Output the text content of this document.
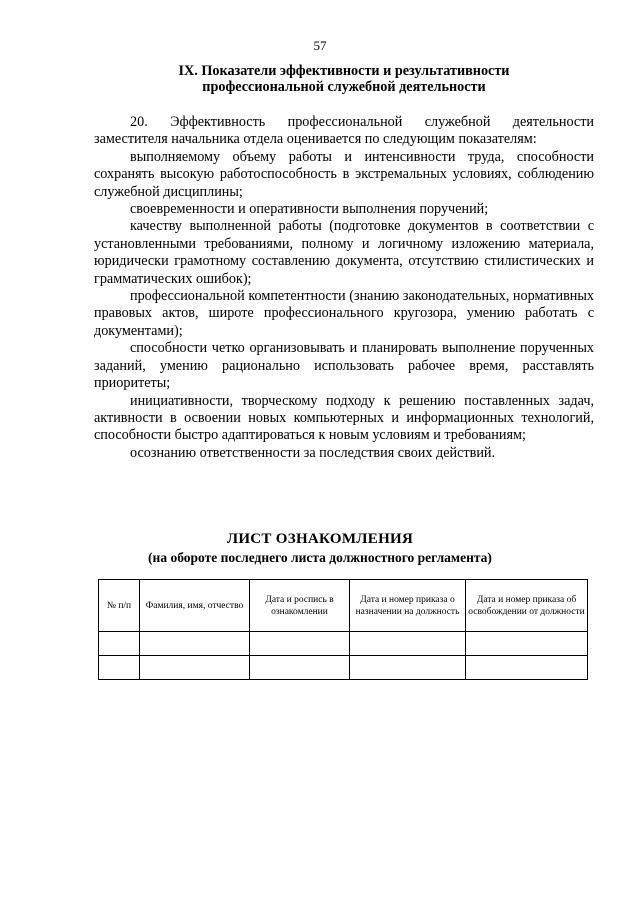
57
IX. Показатели эффективности и результативности
профессиональной служебной деятельности

20. Эффективность профессиональной служебной деятельности заместителя начальника отдела оценивается по следующим показателям:

выполняемому объему работы и интенсивности труда, способности сохранять высокую работоспособность в экстремальных условиях, соблюдению служебной дисциплины;

своевременности и оперативности выполнения поручений;

качеству выполненной работы (подготовке документов в соответствии с установленными требованиями, полному и логичному изложению материала, юридически грамотному составлению документа, отсутствию стилистических и грамматических ошибок);

профессиональной компетентности (знанию законодательных, нормативных правовых актов, широте профессионального кругозора, умению работать с документами);

способности четко организовывать и планировать выполнение порученных заданий, умению рационально использовать рабочее время, расставлять приоритеты;

инициативности, творческому подходу к решению поставленных задач, активности в освоении новых компьютерных и информационных технологий, способности быстро адаптироваться к новым условиям и требованиям;

осознанию ответственности за последствия своих действий.

ЛИСТ ОЗНАКОМЛЕНИЯ
(на обороте последнего листа должностного регламента)
№ п/п	Фамилия, имя, отчество	Дата и роспись в ознакомлении	Дата и номер приказа о назначении на должность	Дата и номер приказа об освобождении от должности
